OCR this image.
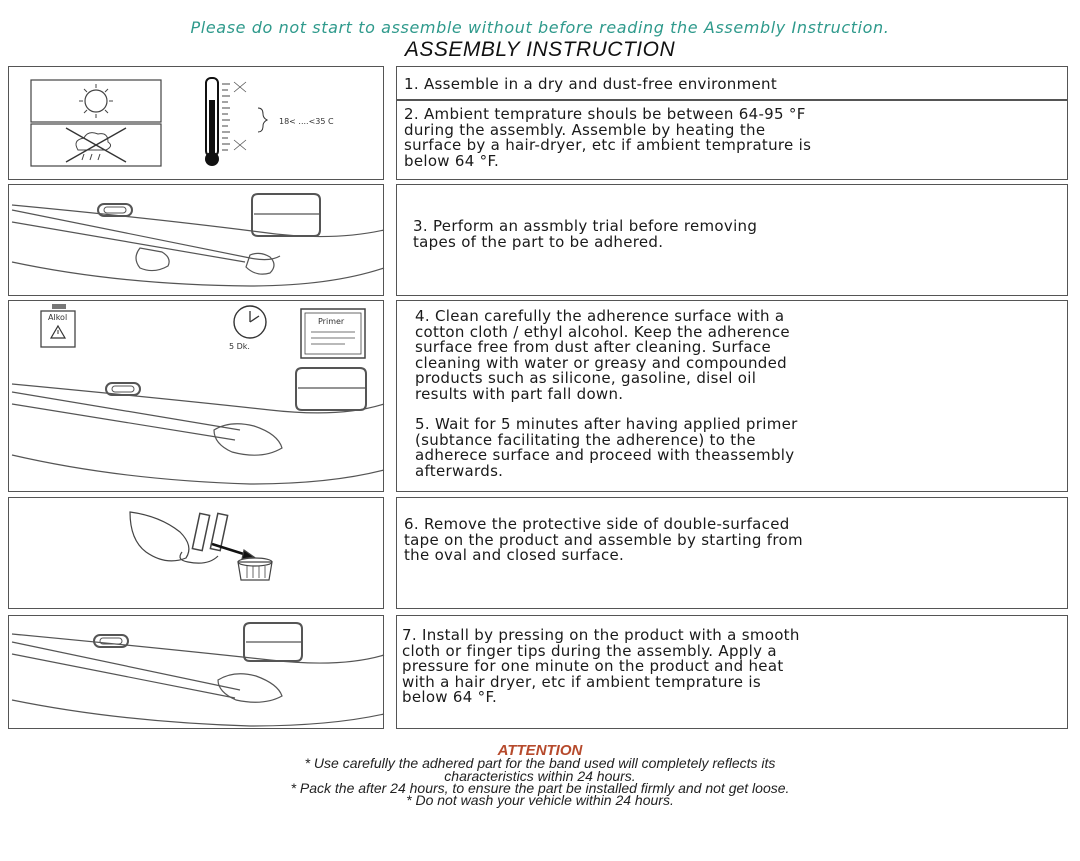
Please do not start to assemble without before reading the Assembly Instruction.
ASSEMBLY INSTRUCTION
18< ....<35 C
Alkol
5 Dk.
Primer
1. Assemble in a dry and dust-free environment
2. Ambient temprature shouls be between 64-95 °F
during the assembly. Assemble by heating the
surface by a hair-dryer, etc if ambient temprature is
below 64 °F.
3. Perform an assmbly trial before removing
tapes of the part to be adhered.
4. Clean carefully the adherence surface with a
cotton cloth / ethyl alcohol. Keep the adherence
surface free from dust after cleaning. Surface
cleaning with water or greasy and compounded
products such as silicone, gasoline, disel oil
results with part fall down.
5. Wait for 5 minutes after having applied primer
(subtance facilitating the adherence) to the
adherece surface and proceed with theassembly
afterwards.
6. Remove the protective side of double-surfaced
tape on the product and assemble by starting from
the oval and closed surface.
7. Install by pressing on the product with a smooth
cloth or finger tips during the assembly. Apply a
pressure for one minute on the product and heat
with a hair dryer, etc if ambient temprature is
below 64 °F.
ATTENTION
* Use carefully the adhered part for the band used will completely reflects its
characteristics within 24 hours.
* Pack the after 24 hours, to ensure the part be installed firmly and not get loose.
* Do not wash your vehicle within 24 hours.
